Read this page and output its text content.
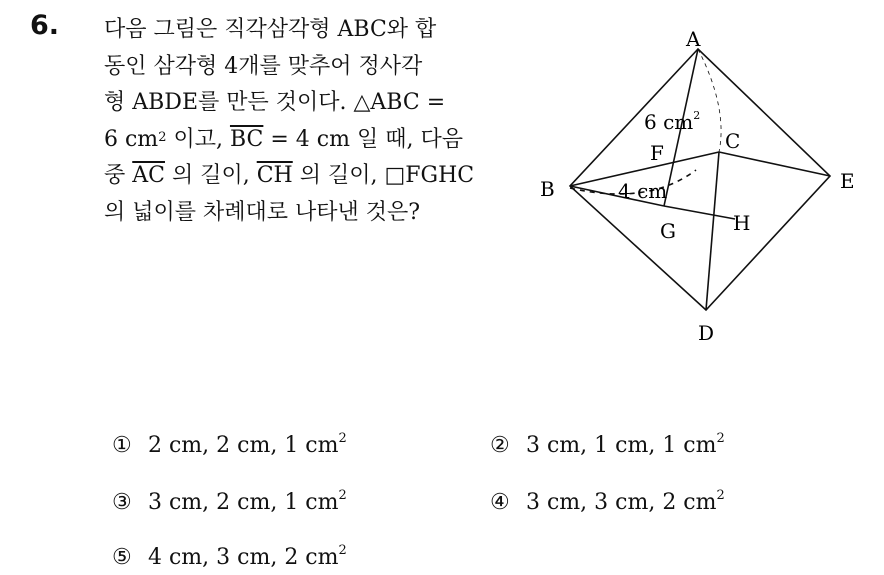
6. 다음 그림은 직각삼각형 ABC와 합
동인 삼각형 4개를 맞추어 정사각
형 ABDE를 만든 것이다. △ABC =
6 $cm^2$ 이고, $\overline{BC} = 4$ cm 일 때, 다음
중 $\overline{AC}$ 의 길이, $\overline{CH}$ 의 길이, □FGHC
의 넓이를 차례대로 나타낸 것은?
A
B
C
D
E
F
G	H
6 $cm^2$
4 cm
① 2 cm, 2 cm, 1 $cm^2$	② 3 cm, 1 cm, 1 $cm^2$
③ 3 cm, 2 cm, 1 $cm^2$	④ 3 cm, 3 cm, 2 $cm^2$
⑤ 4 cm, 3 cm, 2 $cm^2$
